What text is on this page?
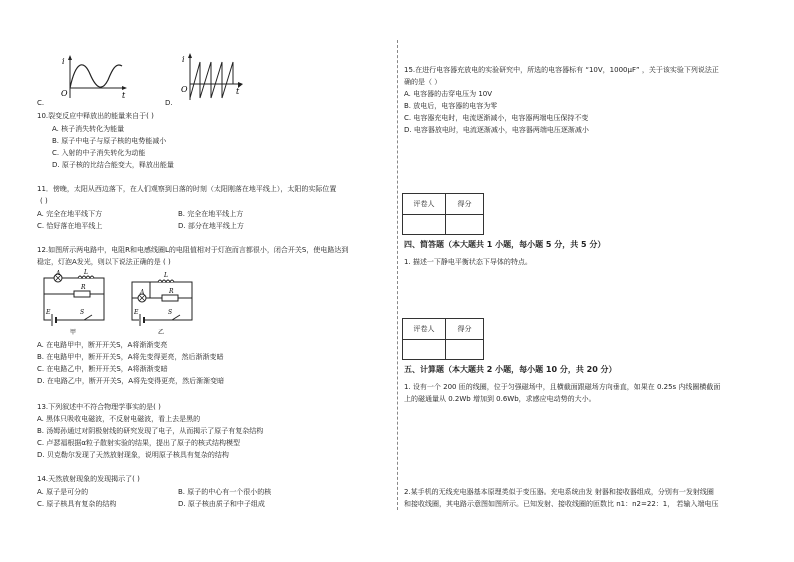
i
O	t
C.
i
O	t
D.
10.裂变反应中释放出的能量来自于( )
A. 核子消失转化为能量
B. 原子中电子与原子核的电势能减小
C. 入射的中子消失转化为动能
D. 原子核的比结合能变大，释放出能量
11．傍晚，太阳从西边落下，在人们观察到日落的时刻（太阳刚落在地平线上），太阳的实际位置
( )
A. 完全在地平线下方	B. 完全在地平线上方
C. 恰好落在地平线上	D. 部分在地平线上方
12.如图所示两电路中，电阻R和电感线圈L的电阻值相对于灯泡而言都很小，闭合开关S，使电路达到
稳定，灯泡A发光，则以下说法正确的是 ( )
A	L
R
E	S
甲
L
A	R
E	S
乙
A. 在电路甲中，断开开关S，A将渐渐变亮
B. 在电路甲中，断开开关S，A将先变得更亮，然后渐渐变暗
C. 在电路乙中，断开开关S，A将渐渐变暗
D. 在电路乙中，断开开关S，A将先变得更亮，然后渐渐变暗
13.下列叙述中不符合物理学事实的是( )
A. 黑体只吸收电磁波，不反射电磁波，看上去是黑的
B. 汤姆孙通过对阴极射线的研究发现了电子，从而揭示了原子有复杂结构
C. 卢瑟福根据α粒子散射实验的结果，提出了原子的核式结构模型
D. 贝克勒尔发现了天然放射现象，说明原子核具有复杂的结构
14.天然放射现象的发现揭示了( )
A. 原子是可分的	B. 原子的中心有一个很小的核
C. 原子核具有复杂的结构	D. 原子核由质子和中子组成
15.在进行电容器充放电的实验研究中，所选的电容器标有 “10V，1000μF” ，关于该实验下列说法正
确的是（ ）
A. 电容器的击穿电压为 10V
B. 放电后，电容器的电容为零
C. 电容器充电时，电流逐渐减小，电容器两端电压保持不变
D. 电容器放电时，电流逐渐减小，电容器两端电压逐渐减小
评卷人	得分
四、简答题（本大题共 1 小题，每小题 5 分，共 5 分）
1. 描述一下静电平衡状态下导体的特点。
评卷人	得分
五、计算题（本大题共 2 小题，每小题 10 分，共 20 分）
1. 设有一个 200 匝的线圈，位于匀强磁场中，且横截面跟磁场方向垂直，如果在 0.25s 内线圈横截面
上的磁通量从 0.2Wb 增加到 0.6Wb，求感应电动势的大小。
2.某手机的无线充电器基本原理类似于变压器。充电系统由发 射器和接收器组成，分别有一发射线圈
和接收线圈，其电路示意图如图所示。已知发射、接收线圈的匝数比 n1：n2=22：1， 若输入端电压
